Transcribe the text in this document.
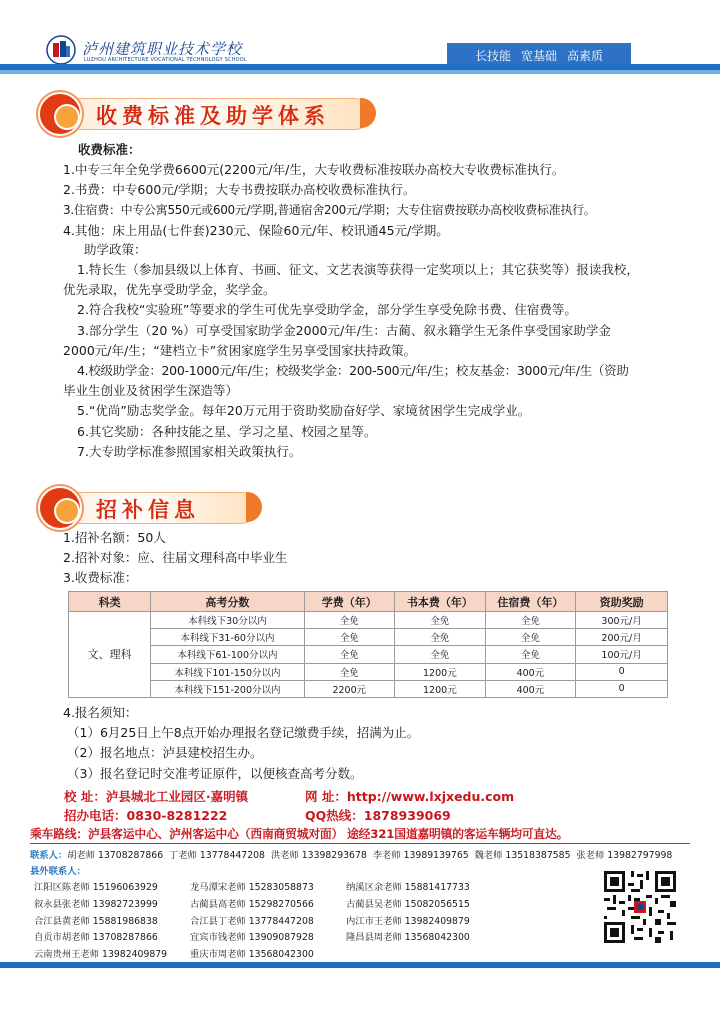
泸州建筑职业技术学校
LUZHOU ARCHITECTURE VOCATIONAL TECHNOLOGY SCHOOL	长技能 宽基础 高素质
收费标准及助学体系

收费标准：

1.中专三年全免学费6600元(2200元/年/生，大专收费标准按联办高校大专收费标准执行。

2.书费：中专600元/学期；大专书费按联办高校收费标准执行。

3.住宿费：中专公寓550元或600元/学期,普通宿舍200元/学期；大专住宿费按联办高校收费标准执行。

4.其他：床上用品(七件套)230元、保险60元/年、校讯通45元/学期。

助学政策：

1.特长生（参加县级以上体育、书画、征文、文艺表演等获得一定奖项以上；其它获奖等）报读我校，

优先录取，优先享受助学金，奖学金。

2.符合我校“实验班”等要求的学生可优先享受助学金，部分学生享受免除书费、住宿费等。

3.部分学生（20 %）可享受国家助学金2000元/年/生：古蔺、叙永籍学生无条件享受国家助学金

2000元/年/生；“建档立卡”贫困家庭学生另享受国家扶持政策。

4.校级助学金：200-1000元/年/生；校级奖学金：200-500元/年/生；校友基金：3000元/年/生（资助

毕业生创业及贫困学生深造等）

5.“优尚”励志奖学金。每年20万元用于资助奖励奋好学、家境贫困学生完成学业。

6.其它奖励：各种技能之星、学习之星、校园之星等。

7.大专助学标准参照国家相关政策执行。

招补信息

1.招补名额：50人

2.招补对象：应、往届文理科高中毕业生

3.收费标准：

科类	高考分数	学费（年）	书本费（年）	住宿费（年）	资助奖励
文、理科	本科线下30分以内	全免	全免	全免	300元/月
	本科线下31-60分以内	全免	全免	全免	200元/月
	本科线下61-100分以内	全免	全免	全免	100元/月
	本科线下101-150分以内	全免	1200元	400元	0
	本科线下151-200分以内	2200元	1200元	400元	0

4.报名须知：

（1）6月25日上午8点开始办理报名登记缴费手续，招满为止。

（2）报名地点：泸县建校招生办。

（3）报名登记时交准考证原件，以便核查高考分数。

校 址：泸县城北工业园区·嘉明镇	网 址：http://www.lxjxedu.com
招办电话：0830-8281222	QQ热线：1878939069
乘车路线：泸县客运中心、泸州客运中心（西南商贸城对面） 途经321国道嘉明镇的客运车辆均可直达。
联系人：胡老师 13708287866 丁老师 13778447208 洪老师 13398293678 李老师 13989139765 魏老师 13518387585 张老师 13982797998
县外联系人：
江阳区陈老师 15196063929	龙马潭宋老师 15283058873	纳溪区余老师 15881417733
叙永县张老师 13982723999	古蔺县高老师 15298270566	古蔺县吴老师 15082056515
合江县黄老师 15881986838	合江县丁老师 13778447208	内江市王老师 13982409879
自贡市胡老师 13708287866	宜宾市钱老师 13909087928	隆昌县周老师 13568042300
云南贵州王老师 13982409879	重庆市周老师 13568042300
